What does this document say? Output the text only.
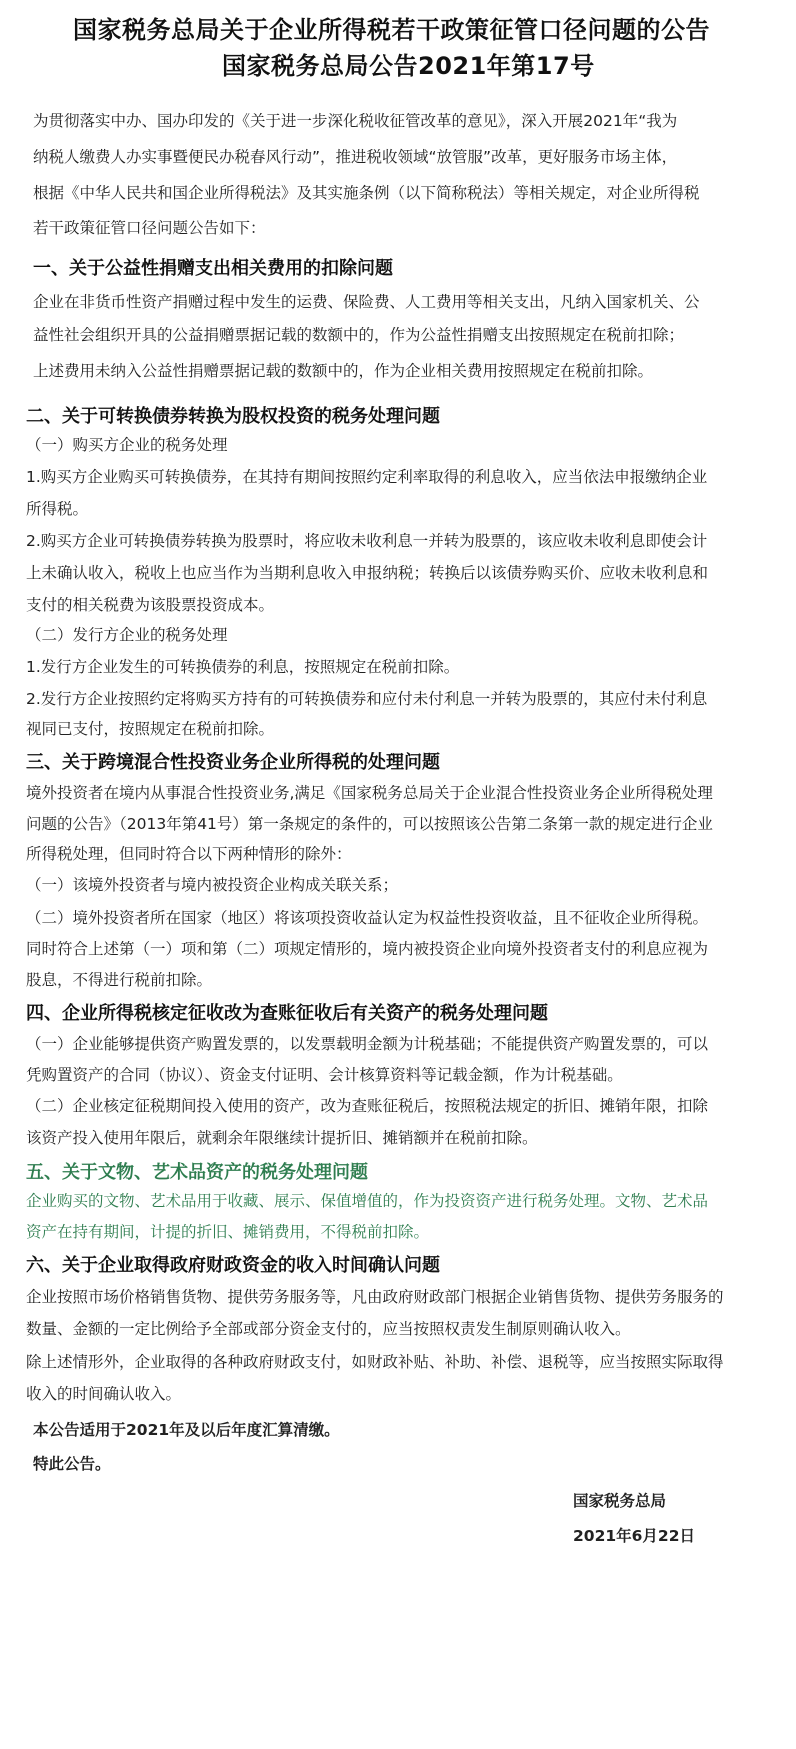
国家税务总局关于企业所得税若干政策征管口径问题的公告
国家税务总局公告2021年第17号
为贯彻落实中办、国办印发的《关于进一步深化税收征管改革的意见》，深入开展2021年“我为
纳税人缴费人办实事暨便民办税春风行动”，推进税收领域“放管服”改革，更好服务市场主体，
根据《中华人民共和国企业所得税法》及其实施条例（以下简称税法）等相关规定，对企业所得税
若干政策征管口径问题公告如下：
一、关于公益性捐赠支出相关费用的扣除问题
企业在非货币性资产捐赠过程中发生的运费、保险费、人工费用等相关支出，凡纳入国家机关、公
益性社会组织开具的公益捐赠票据记载的数额中的，作为公益性捐赠支出按照规定在税前扣除；
上述费用未纳入公益性捐赠票据记载的数额中的，作为企业相关费用按照规定在税前扣除。
二、关于可转换债券转换为股权投资的税务处理问题
（一）购买方企业的税务处理
1.购买方企业购买可转换债券，在其持有期间按照约定利率取得的利息收入，应当依法申报缴纳企业
所得税。
2.购买方企业可转换债券转换为股票时，将应收未收利息一并转为股票的，该应收未收利息即使会计
上未确认收入，税收上也应当作为当期利息收入申报纳税；转换后以该债券购买价、应收未收利息和
支付的相关税费为该股票投资成本。
（二）发行方企业的税务处理
1.发行方企业发生的可转换债券的利息，按照规定在税前扣除。
2.发行方企业按照约定将购买方持有的可转换债券和应付未付利息一并转为股票的，其应付未付利息
视同已支付，按照规定在税前扣除。
三、关于跨境混合性投资业务企业所得税的处理问题
境外投资者在境内从事混合性投资业务,满足《国家税务总局关于企业混合性投资业务企业所得税处理
问题的公告》（2013年第41号）第一条规定的条件的，可以按照该公告第二条第一款的规定进行企业
所得税处理，但同时符合以下两种情形的除外：
（一）该境外投资者与境内被投资企业构成关联关系；
（二）境外投资者所在国家（地区）将该项投资收益认定为权益性投资收益，且不征收企业所得税。
同时符合上述第（一）项和第（二）项规定情形的，境内被投资企业向境外投资者支付的利息应视为
股息，不得进行税前扣除。
四、企业所得税核定征收改为查账征收后有关资产的税务处理问题
（一）企业能够提供资产购置发票的，以发票载明金额为计税基础；不能提供资产购置发票的，可以
凭购置资产的合同（协议）、资金支付证明、会计核算资料等记载金额，作为计税基础。
（二）企业核定征税期间投入使用的资产，改为查账征税后，按照税法规定的折旧、摊销年限，扣除
该资产投入使用年限后，就剩余年限继续计提折旧、摊销额并在税前扣除。
五、关于文物、艺术品资产的税务处理问题
企业购买的文物、艺术品用于收藏、展示、保值增值的，作为投资资产进行税务处理。文物、艺术品
资产在持有期间，计提的折旧、摊销费用，不得税前扣除。
六、关于企业取得政府财政资金的收入时间确认问题
企业按照市场价格销售货物、提供劳务服务等，凡由政府财政部门根据企业销售货物、提供劳务服务的
数量、金额的一定比例给予全部或部分资金支付的，应当按照权责发生制原则确认收入。
除上述情形外，企业取得的各种政府财政支付，如财政补贴、补助、补偿、退税等，应当按照实际取得
收入的时间确认收入。
本公告适用于2021年及以后年度汇算清缴。
特此公告。
国家税务总局
2021年6月22日
